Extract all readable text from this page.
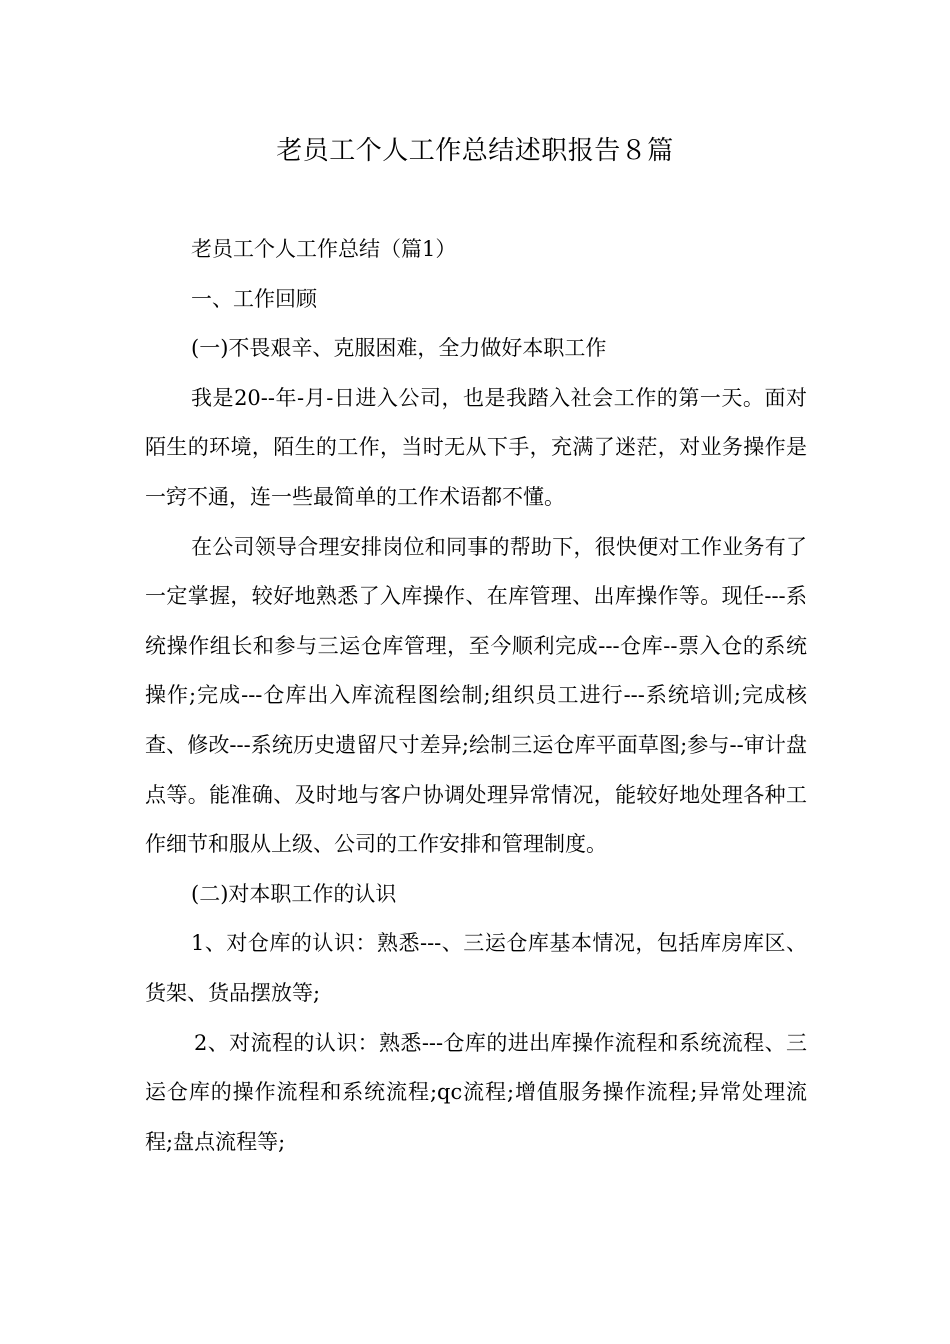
老员工个人工作总结述职报告８篇

老员工个人工作总结（篇1）

一、工作回顾

(一)不畏艰辛、克服困难，全力做好本职工作

我是20--年-月-日进入公司，也是我踏入社会工作的第一天。面对陌生的环境，陌生的工作，当时无从下手，充满了迷茫，对业务操作是一窍不通，连一些最简单的工作术语都不懂。

在公司领导合理安排岗位和同事的帮助下，很快便对工作业务有了一定掌握，较好地熟悉了入库操作、在库管理、出库操作等。现任---系统操作组长和参与三运仓库管理，至今顺利完成---仓库--票入仓的系统操作;完成---仓库出入库流程图绘制;组织员工进行---系统培训;完成核查、修改---系统历史遗留尺寸差异;绘制三运仓库平面草图;参与--审计盘点等。能准确、及时地与客户协调处理异常情况，能较好地处理各种工作细节和服从上级、公司的工作安排和管理制度。

(二)对本职工作的认识

1、对仓库的认识：熟悉---、三运仓库基本情况，包括库房库区、货架、货品摆放等;

2、对流程的认识：熟悉---仓库的进出库操作流程和系统流程、三运仓库的操作流程和系统流程;qc流程;增值服务操作流程;异常处理流程;盘点流程等;
